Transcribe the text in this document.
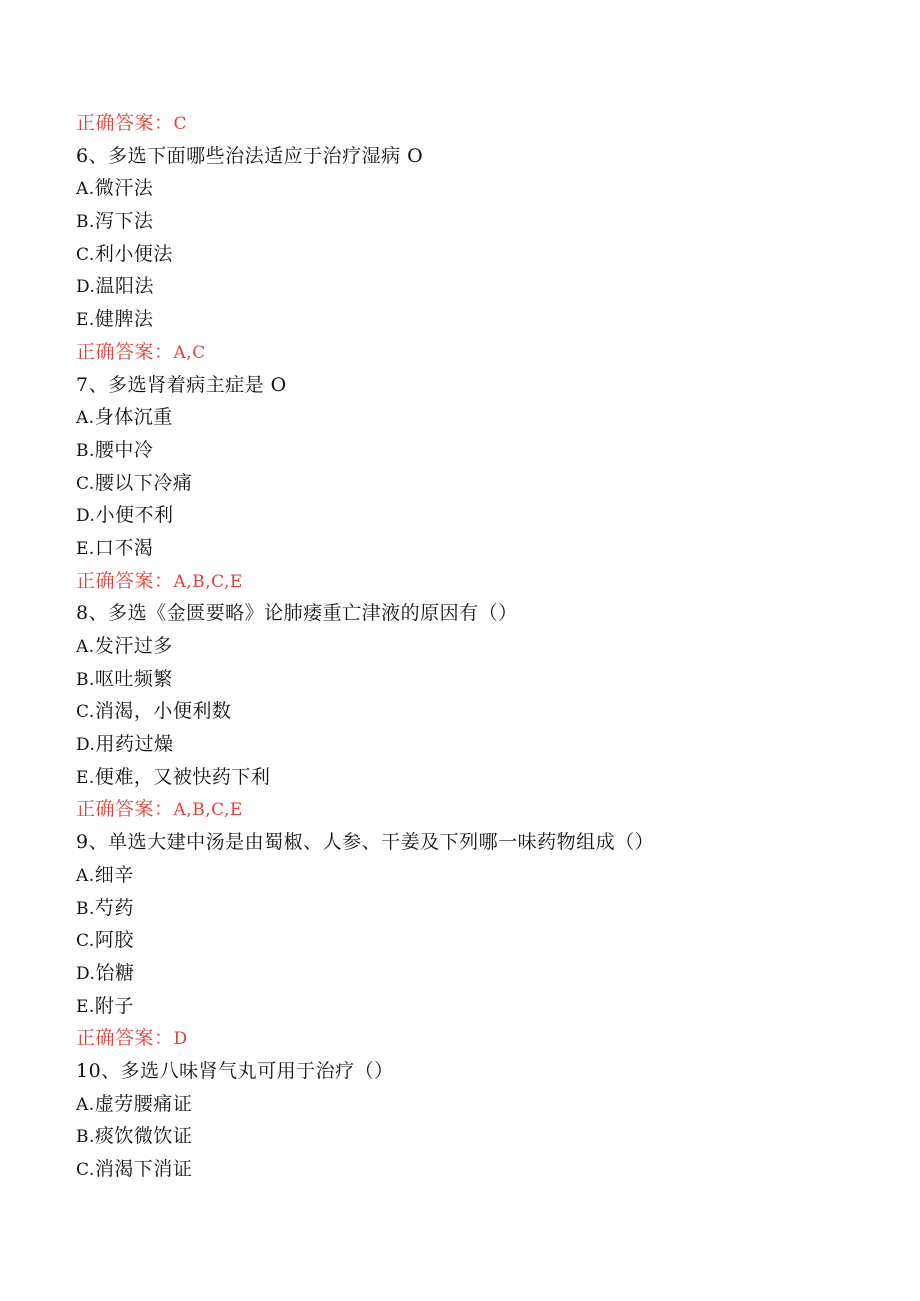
正确答案：C
6、多选下面哪些治法适应于治疗湿病 O
A.微汗法
B.泻下法
C.利小便法
D.温阳法
E.健脾法
正确答案：A,C
7、多选肾着病主症是 O
A.身体沉重
B.腰中冷
C.腰以下冷痛
D.小便不利
E.口不渴
正确答案：A,B,C,E
8、多选《金匮要略》论肺痿重亡津液的原因有（）
A.发汗过多
B.呕吐频繁
C.消渴，小便利数
D.用药过燥
E.便难，又被快药下利
正确答案：A,B,C,E
9、单选大建中汤是由蜀椒、人参、干姜及下列哪一味药物组成（）
A.细辛
B.芍药
C.阿胶
D.饴糖
E.附子
正确答案：D
10、多选八味肾气丸可用于治疗（）
A.虚劳腰痛证
B.痰饮微饮证
C.消渴下消证
